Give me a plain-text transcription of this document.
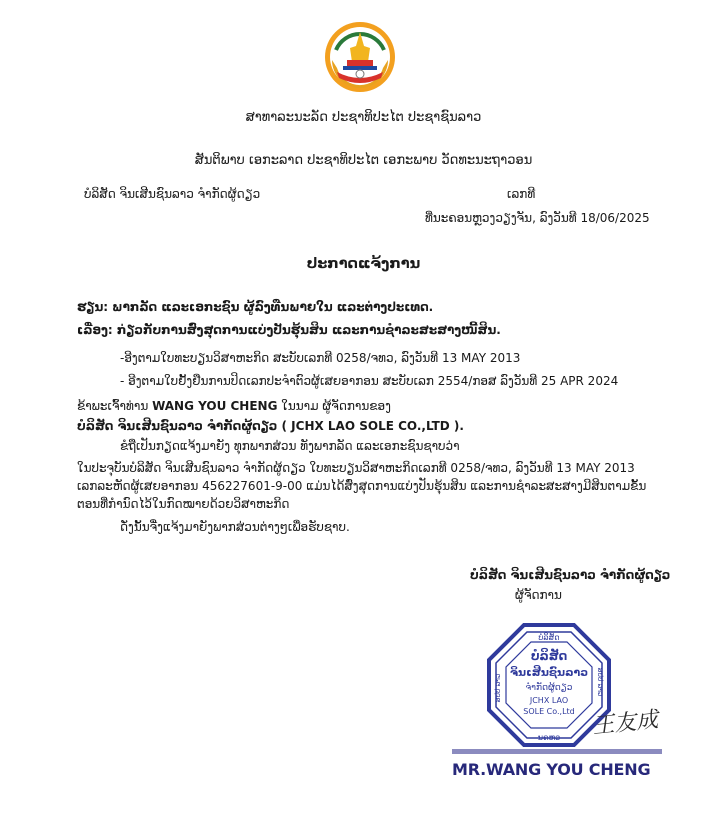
ສາທາລະນະລັດ ປະຊາທິປະໄຕ ປະຊາຊົນລາວ
ສັນຕິພາບ ເອກະລາດ ປະຊາທິປະໄຕ ເອກະພາບ ວັດທະນະຖາວອນ
ບໍລິສັດ ຈິນເສີນຊົນລາວ ຈຳກັດຜູ້ດຽວ	ເລກທີ
ທີ່ນະຄອນຫຼວງວຽງຈັນ, ລົງວັນທີ 18/06/2025
ປະກາດແຈ້ງການ
ຮຽນ: ພາກລັດ ແລະເອກະຊົນ ຜູ້ລົງທືນພາຍໃນ ແລະຕ່າງປະເທດ.
ເລື່ອງ: ກ່ຽວກັບການສົ່ງສຸດການແບ່ງປັນຮຸ້ນສິນ ແລະການຊຳລະສະສາງໜີ້ສິນ.
-ອີງຕາມໃບທະບຽນວິສາຫະກິດ ສະບັບເລກທີ 0258/ຈທວ, ລົງວັນທີ 13 MAY 2013
- ອີງຕາມໃບຢັ້ງຢືນການປິດເລກປະຈຳຕົວຜູ້ເສຍອາກອນ ສະບັບເລກ 2554/ກອສ ລົງວັນທີ 25 APR 2024
ຂ້າພະເຈົ້າທ່ານ WANG YOU CHENG ໃນນາມ ຜູ້ຈັດການຂອງ
ບໍລິສັດ ຈິນເສີນຊົນລາວ ຈຳກັດຜູ້ດຽວ ( JCHX LAO SOLE CO.,LTD ).
ຂໍຖືເປັນກຽດແຈ້ງມາຍັງ ທຸກພາກສ່ວນ ທັງພາກລັດ ແລະເອກະຊົນຊາບວ່າ
ໃນປະຈຸບັນບໍລິສັດ ຈິນເສີນຊົນລາວ ຈຳກັດຜູ້ດຽວ ໃບທະບຽນວິສາຫະກິດເລກທີ 0258/ຈທວ, ລົງວັນທີ 13 MAY 2013
ເລກລະຫັດຜູ້ເສຍອາກອນ 456227601-9-00 ແມ່ນໄດ້ສົ່ງສຸດການແບ່ງປັນຮຸ້ນສິນ ແລະການຊຳລະສະສາງມີສິນຕາມຂັ້ນ
ຕອນທີ່ກຳນົດໄວ້ໃນກົດໝາຍດ້ວຍວິສາຫະກິດ
ດັ່ງນັ້ນຈື່ງແຈ້ງມາຍັງພາກສ່ວນຕ່າງໆເພື່ອຮັບຊາບ.
ບໍລິສັດ ຈິນເສີນຊົນລາວ ຈຳກັດຜູ້ດຽວ
ຜູ້ຈັດການ
ບໍລິສັດ
ບໍລິສັດ
ຈິນເສີນຊົນລາວ
ຈຳກັດຜູ້ດຽວ
JCHX LAO
SOLE Co.,Ltd
ນຄຫວ
ສປປ ລາວ	ສປປ ລາວ
王友成
MR.WANG YOU CHENG
